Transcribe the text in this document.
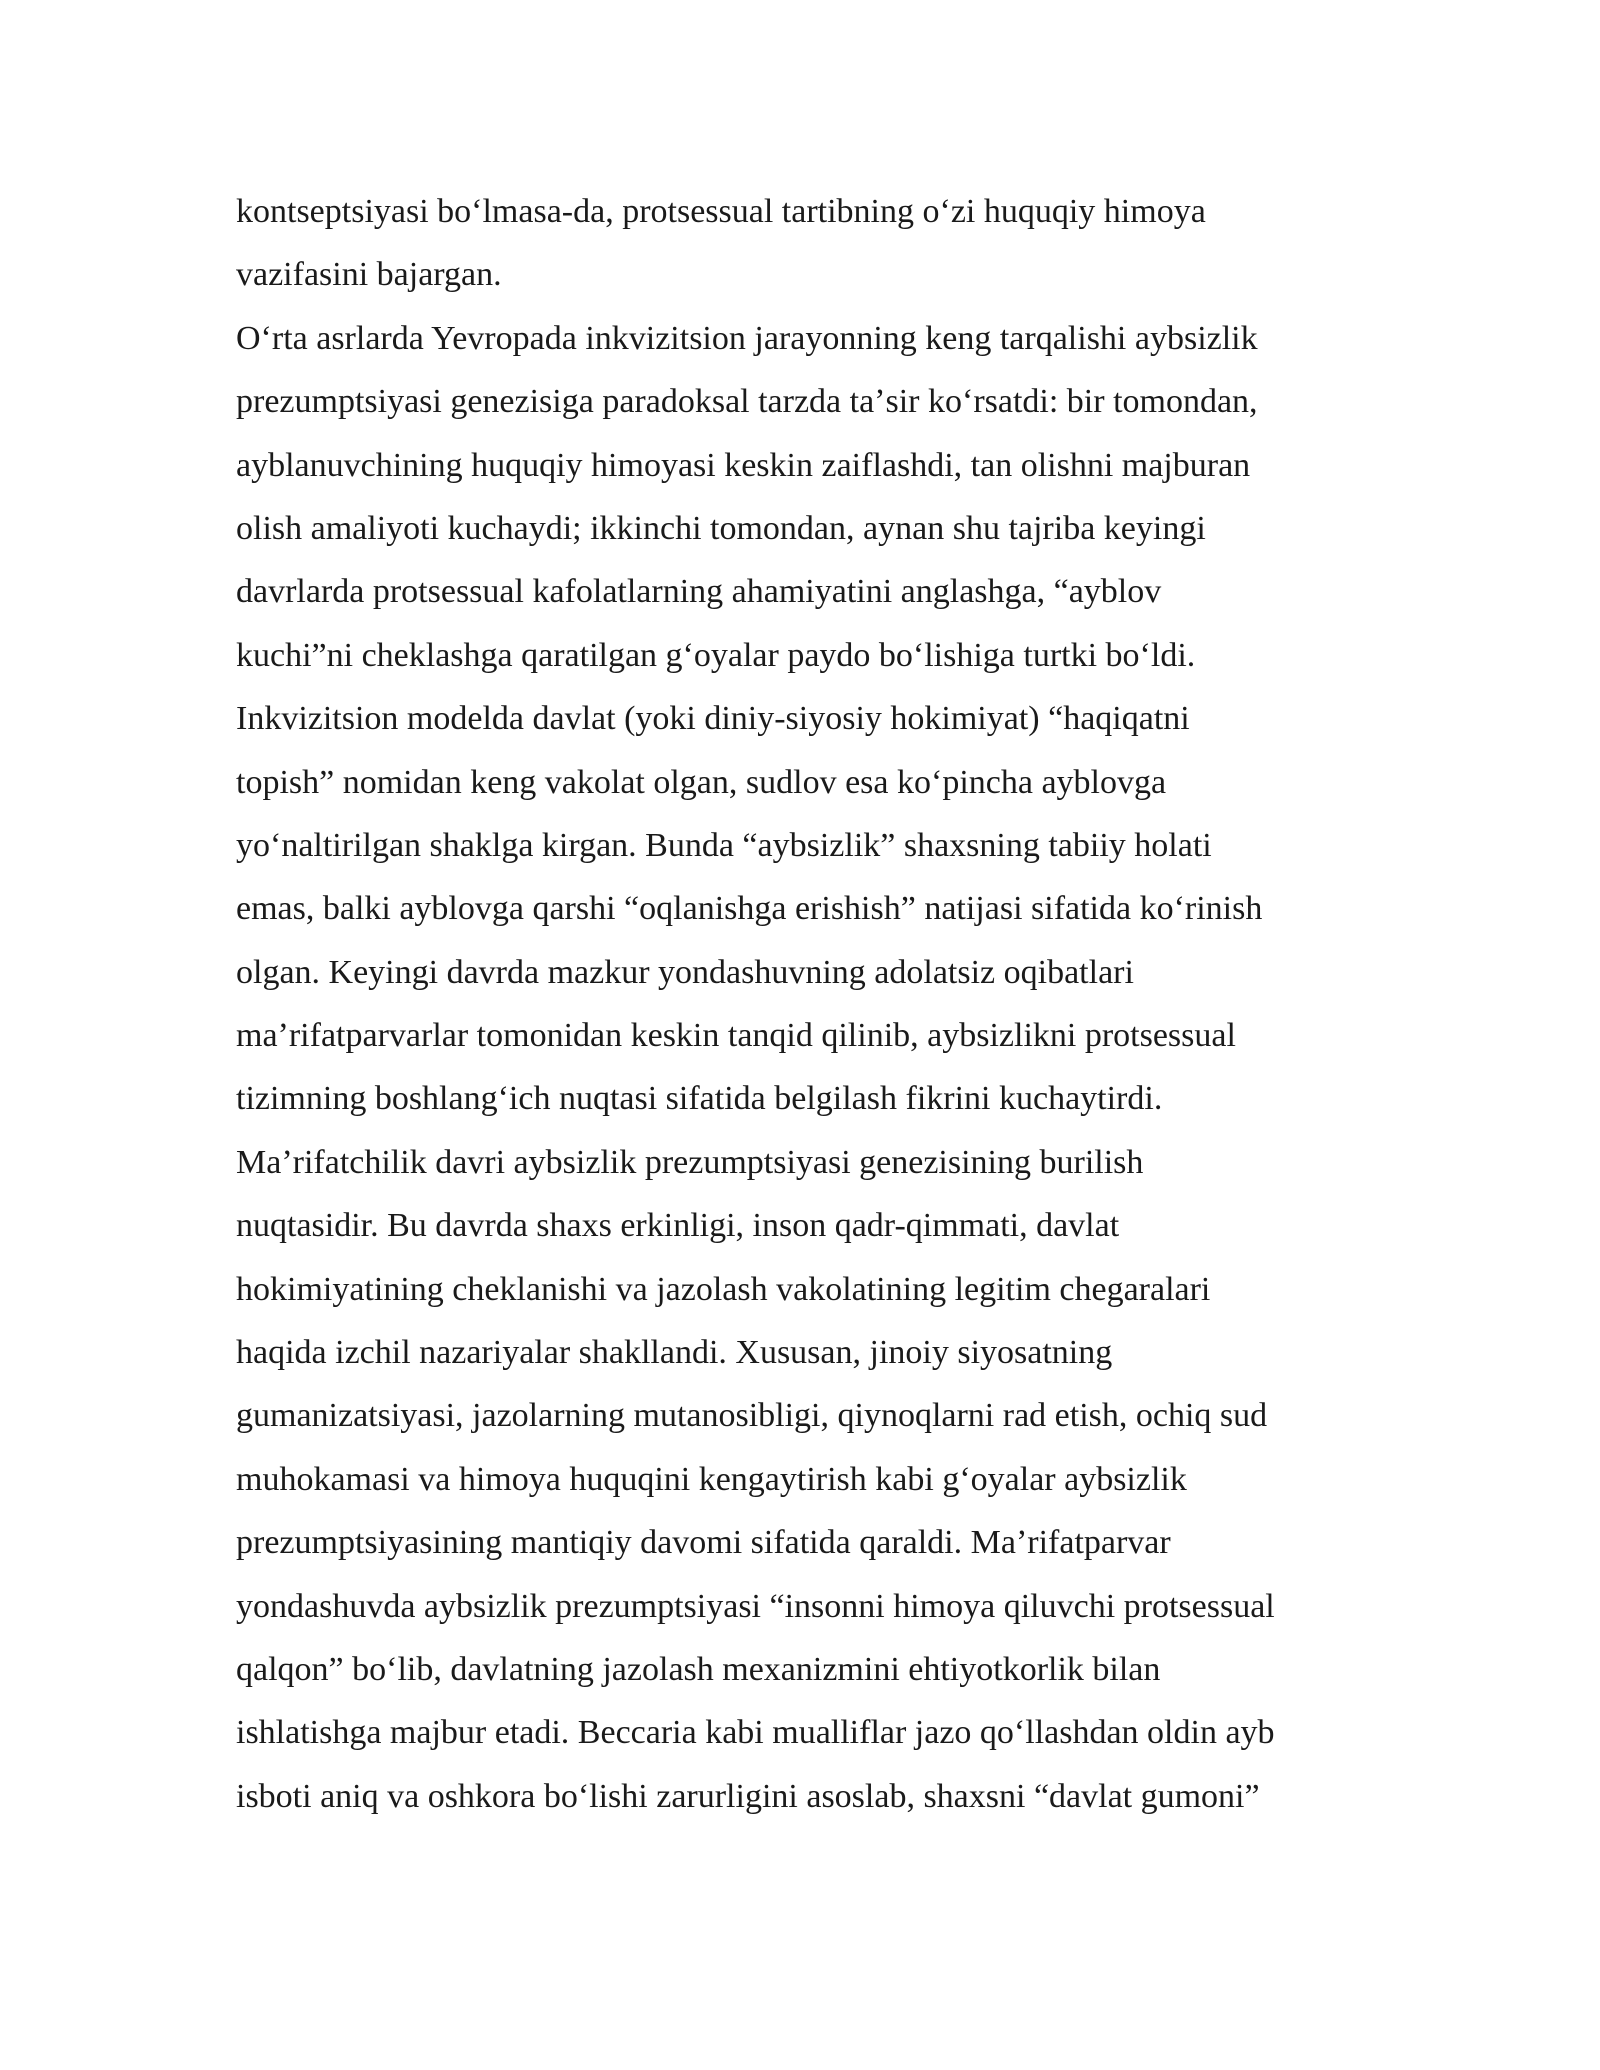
kontseptsiyasi boʻlmasa-da, protsessual tartibning oʻzi huquqiy himoya
vazifasini bajargan.
Oʻrta asrlarda Yevropada inkvizitsion jarayonning keng tarqalishi aybsizlik
prezumptsiyasi genezisiga paradoksal tarzda taʼsir koʻrsatdi: bir tomondan,
ayblanuvchining huquqiy himoyasi keskin zaiflashdi, tan olishni majburan
olish amaliyoti kuchaydi; ikkinchi tomondan, aynan shu tajriba keyingi
davrlarda protsessual kafolatlarning ahamiyatini anglashga, “ayblov
kuchi”ni cheklashga qaratilgan gʻoyalar paydo boʻlishiga turtki boʻldi.
Inkvizitsion modelda davlat (yoki diniy-siyosiy hokimiyat) “haqiqatni
topish” nomidan keng vakolat olgan, sudlov esa koʻpincha ayblovga
yoʻnaltirilgan shaklga kirgan. Bunda “aybsizlik” shaxsning tabiiy holati
emas, balki ayblovga qarshi “oqlanishga erishish” natijasi sifatida koʻrinish
olgan. Keyingi davrda mazkur yondashuvning adolatsiz oqibatlari
maʼrifatparvarlar tomonidan keskin tanqid qilinib, aybsizlikni protsessual
tizimning boshlangʻich nuqtasi sifatida belgilash fikrini kuchaytirdi.
Maʼrifatchilik davri aybsizlik prezumptsiyasi genezisining burilish
nuqtasidir. Bu davrda shaxs erkinligi, inson qadr-qimmati, davlat
hokimiyatining cheklanishi va jazolash vakolatining legitim chegaralari
haqida izchil nazariyalar shakllandi. Xususan, jinoiy siyosatning
gumanizatsiyasi, jazolarning mutanosibligi, qiynoqlarni rad etish, ochiq sud
muhokamasi va himoya huquqini kengaytirish kabi gʻoyalar aybsizlik
prezumptsiyasining mantiqiy davomi sifatida qaraldi. Maʼrifatparvar
yondashuvda aybsizlik prezumptsiyasi “insonni himoya qiluvchi protsessual
qalqon” boʻlib, davlatning jazolash mexanizmini ehtiyotkorlik bilan
ishlatishga majbur etadi. Beccaria kabi mualliflar jazo qoʻllashdan oldin ayb
isboti aniq va oshkora boʻlishi zarurligini asoslab, shaxsni “davlat gumoni”
